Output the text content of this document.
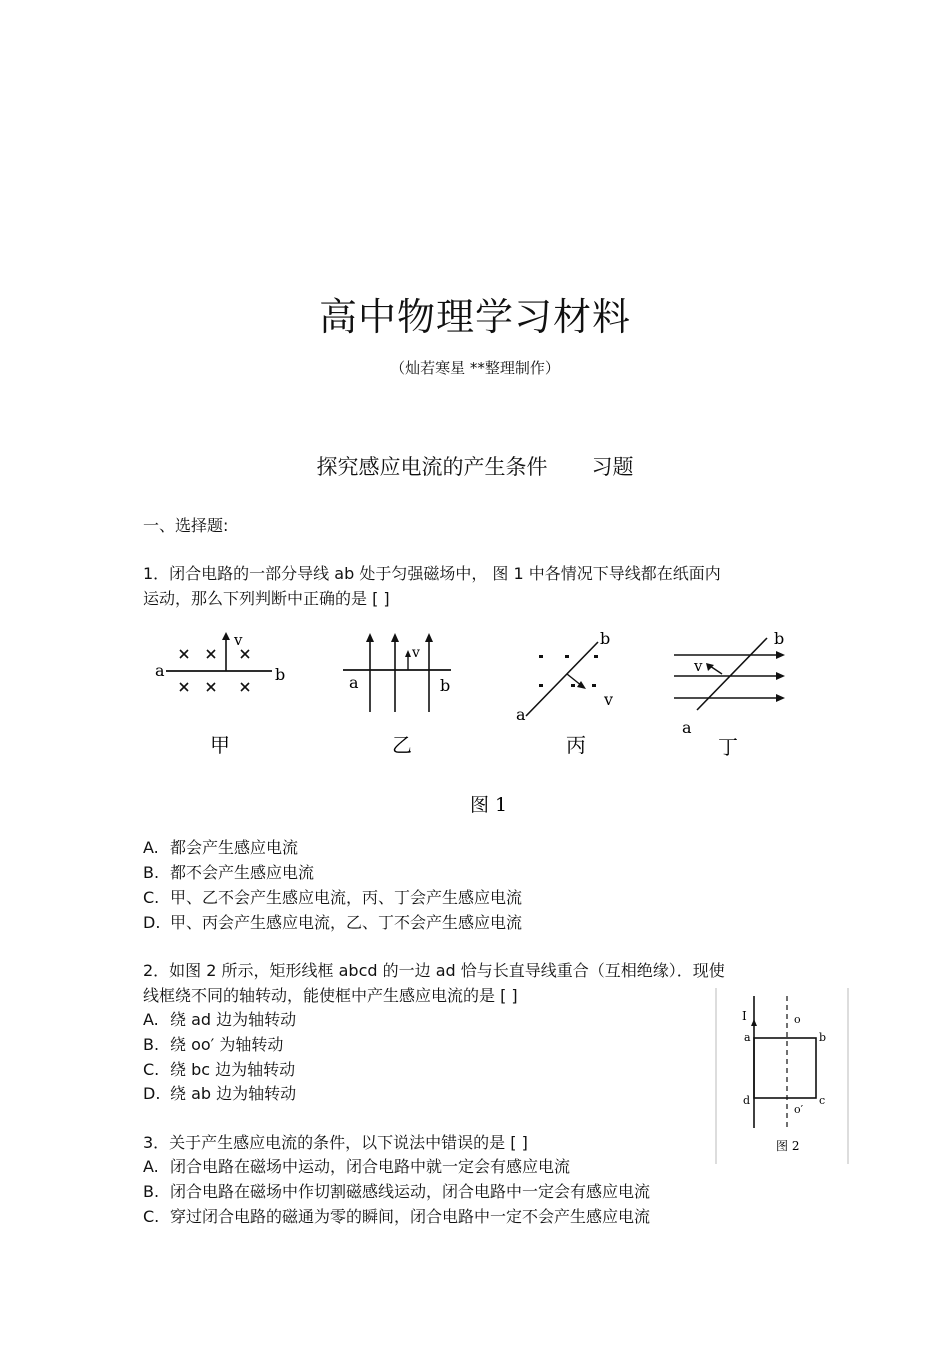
高中物理学习材料
（灿若寒星 **整理制作）
探究感应电流的产生条件 习题
一、选择题:
1．闭合电路的一部分导线 ab 处于匀强磁场中， 图 1 中各情况下导线都在纸面内
运动，那么下列判断中正确的是 [ ]
a	b
v
甲
v
a	b
乙
b
a
v
丙
v
b
a
丁
图 1
A. 都会产生感应电流
B. 都不会产生感应电流
C. 甲、乙不会产生感应电流，丙、丁会产生感应电流
D. 甲、丙会产生感应电流，乙、丁不会产生感应电流
2．如图 2 所示，矩形线框 abcd 的一边 ad 恰与长直导线重合（互相绝缘）．现使
线框绕不同的轴转动，能使框中产生感应电流的是 [ ]
A. 绕 ad 边为轴转动
B. 绕 oo′ 为轴转动
C. 绕 bc 边为轴转动
D. 绕 ab 边为轴转动
I	o
o′
a	b
c
d
图 2
3．关于产生感应电流的条件，以下说法中错误的是 [ ]
A. 闭合电路在磁场中运动，闭合电路中就一定会有感应电流
B. 闭合电路在磁场中作切割磁感线运动，闭合电路中一定会有感应电流
C. 穿过闭合电路的磁通为零的瞬间，闭合电路中一定不会产生感应电流
